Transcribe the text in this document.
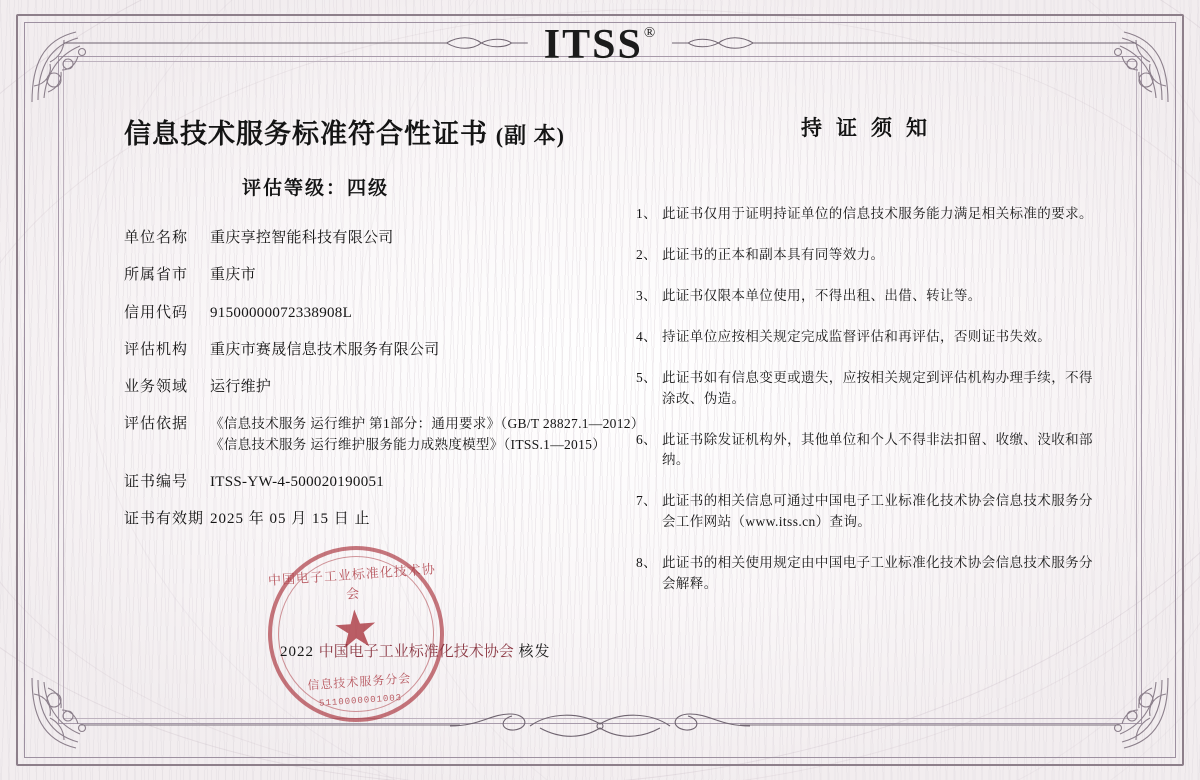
ITSS®
信息技术服务标准符合性证书 (副 本)
评估等级：四级
单位名称	重庆享控智能科技有限公司
所属省市	重庆市
信用代码	91500000072338908L
评估机构	重庆市赛晟信息技术服务有限公司
业务领域	运行维护
评估依据	《信息技术服务 运行维护 第1部分：通用要求》（GB/T 28827.1—2012）
《信息技术服务 运行维护服务能力成熟度模型》（ITSS.1—2015）
证书编号	ITSS-YW-4-500020190051
证书有效期 2025 年 05 月 15 日 止
持证须知
1、 此证书仅用于证明持证单位的信息技术服务能力满足相关标准的要求。
2、 此证书的正本和副本具有同等效力。
3、 此证书仅限本单位使用，不得出租、出借、转让等。
4、 持证单位应按相关规定完成监督评估和再评估，否则证书失效。
5、 此证书如有信息变更或遗失，应按相关规定到评估机构办理手续，不得涂改、伪造。
6、 此证书除发证机构外，其他单位和个人不得非法扣留、收缴、没收和部纳。
7、 此证书的相关信息可通过中国电子工业标准化技术协会信息技术服务分会工作网站（www.itss.cn）查询。
8、 此证书的相关使用规定由中国电子工业标准化技术协会信息技术服务分会解释。
中国电子工业标准化技术协会
★
信息技术服务分会
5110000001003
2022 中国电子工业标准化技术协会 核发
